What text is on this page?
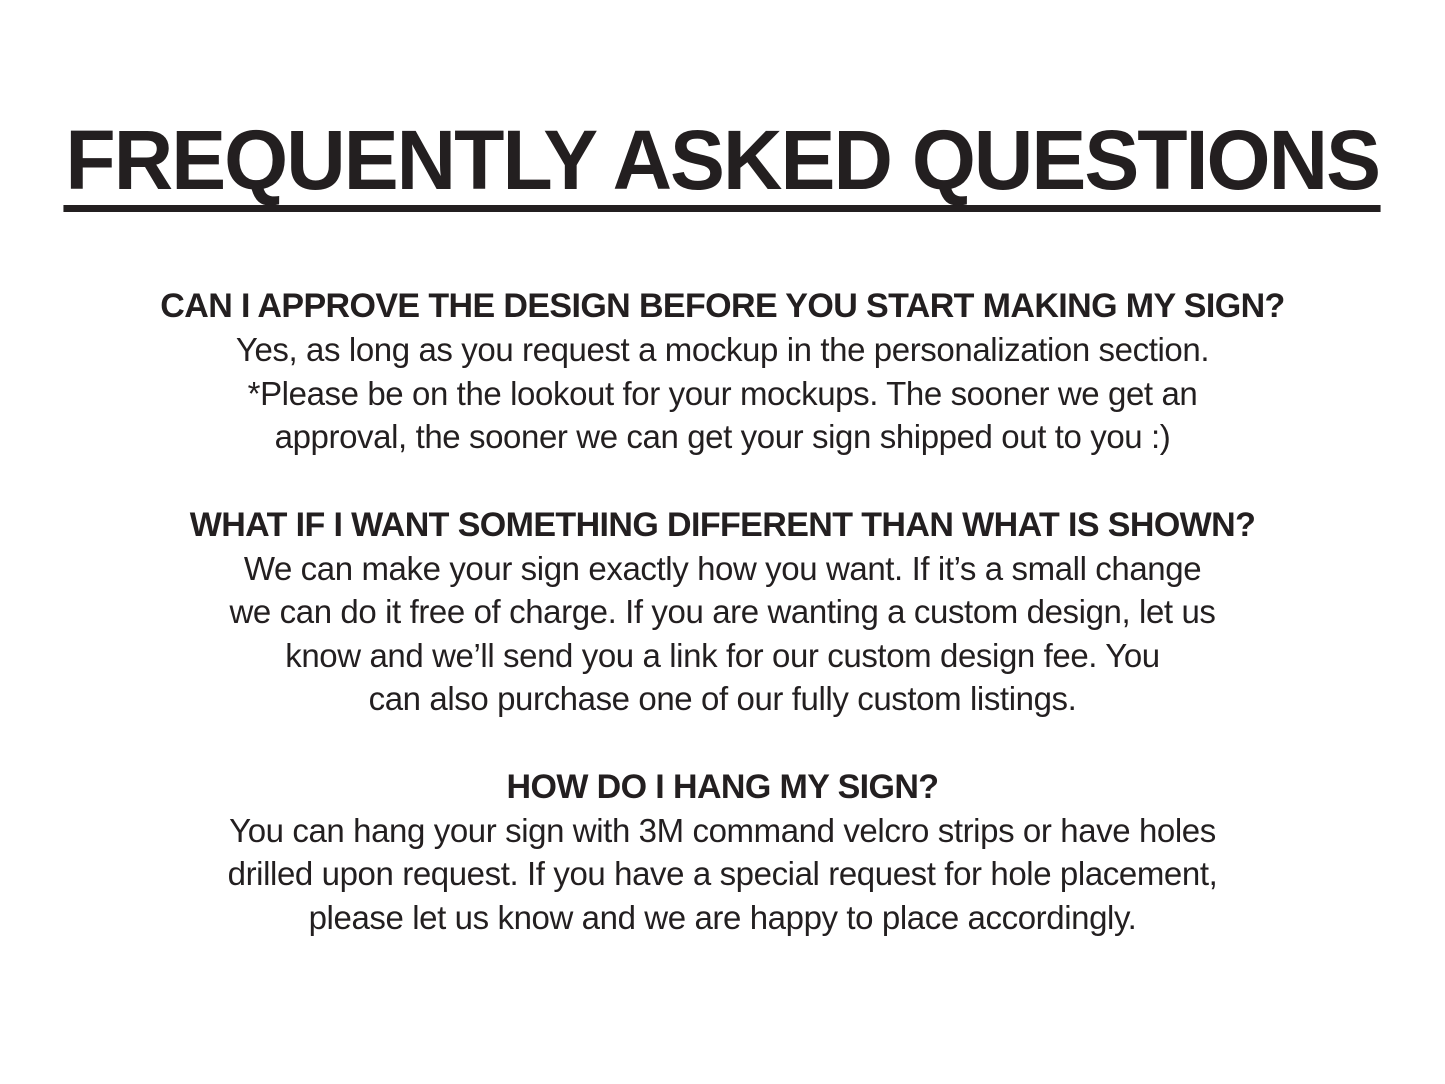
FREQUENTLY ASKED QUESTIONS
CAN I APPROVE THE DESIGN BEFORE YOU START MAKING MY SIGN?
Yes, as long as you request a mockup in the personalization section.
*Please be on the lookout for your mockups. The sooner we get an
approval, the sooner we can get your sign shipped out to you :)
WHAT IF I WANT SOMETHING DIFFERENT THAN WHAT IS SHOWN?
We can make your sign exactly how you want. If it’s a small change
we can do it free of charge. If you are wanting a custom design, let us
know and we’ll send you a link for our custom design fee. You
can also purchase one of our fully custom listings.
HOW DO I HANG MY SIGN?
You can hang your sign with 3M command velcro strips or have holes
drilled upon request. If you have a special request for hole placement,
please let us know and we are happy to place accordingly.
